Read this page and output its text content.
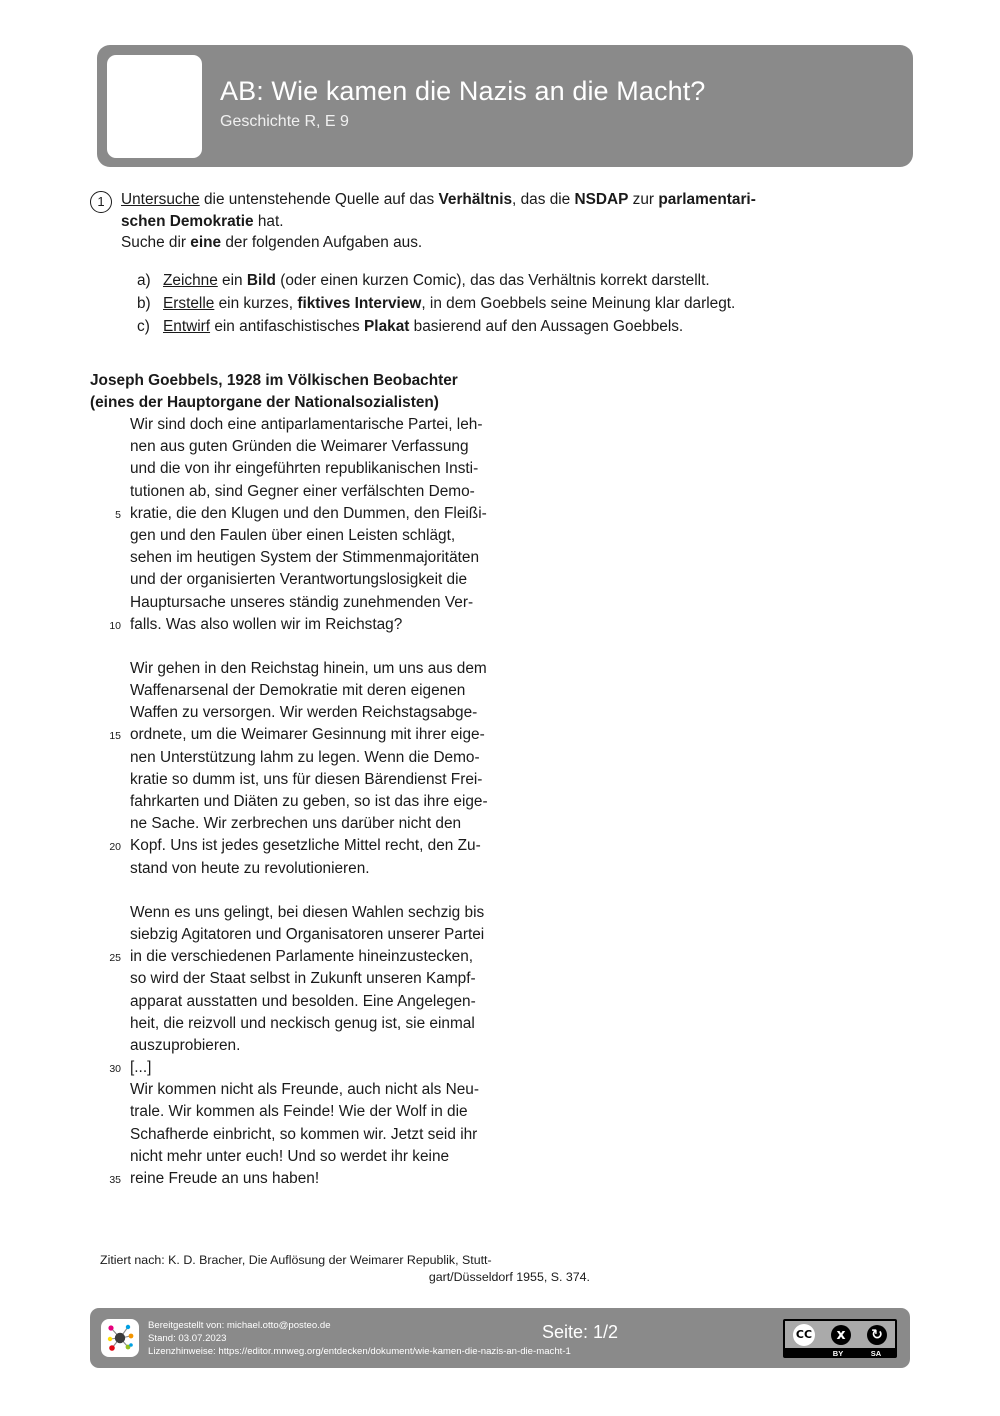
AB: Wie kamen die Nazis an die Macht?
Geschichte R, E 9
1	Untersuche die untenstehende Quelle auf das Verhältnis, das die NSDAP zur parlamentari-

schen Demokratie hat.

Suche dir eine der folgenden Aufgaben aus.

a) Zeichne ein Bild (oder einen kurzen Comic), das das Verhältnis korrekt darstellt.
b) Erstelle ein kurzes, fiktives Interview, in dem Goebbels seine Meinung klar darlegt.
c) Entwirf ein antifaschistisches Plakat basierend auf den Aussagen Goebbels.
Joseph Goebbels, 1928 im Völkischen Beobachter
(eines der Hauptorgane der Nationalsozialisten)
Wir sind doch eine antiparlamentarische Partei, leh-
nen aus guten Gründen die Weimarer Verfassung
und die von ihr eingeführten republikanischen Insti-
tutionen ab, sind Gegner einer verfälschten Demo-
5 kratie, die den Klugen und den Dummen, den Fleißi-
gen und den Faulen über einen Leisten schlägt,
sehen im heutigen System der Stimmenmajoritäten
und der organisierten Verantwortungslosigkeit die
Hauptursache unseres ständig zunehmenden Ver-
10 falls. Was also wollen wir im Reichstag?
Wir gehen in den Reichstag hinein, um uns aus dem
Waffenarsenal der Demokratie mit deren eigenen
Waffen zu versorgen. Wir werden Reichstagsabge-
15 ordnete, um die Weimarer Gesinnung mit ihrer eige-
nen Unterstützung lahm zu legen. Wenn die Demo-
kratie so dumm ist, uns für diesen Bärendienst Frei-
fahrkarten und Diäten zu geben, so ist das ihre eige-
ne Sache. Wir zerbrechen uns darüber nicht den
20 Kopf. Uns ist jedes gesetzliche Mittel recht, den Zu-
stand von heute zu revolutionieren.
Wenn es uns gelingt, bei diesen Wahlen sechzig bis
siebzig Agitatoren und Organisatoren unserer Partei
25 in die verschiedenen Parlamente hineinzustecken,
so wird der Staat selbst in Zukunft unseren Kampf-
apparat ausstatten und besolden. Eine Angelegen-
heit, die reizvoll und neckisch genug ist, sie einmal
auszuprobieren.
30 [...]
Wir kommen nicht als Freunde, auch nicht als Neu-
trale. Wir kommen als Feinde! Wie der Wolf in die
Schafherde einbricht, so kommen wir. Jetzt seid ihr
nicht mehr unter euch! Und so werdet ihr keine
35 reine Freude an uns haben!
Zitiert nach: K. D. Bracher, Die Auflösung der Weimarer Republik, Stutt-
gart/Düsseldorf 1955, S. 374.
Bereitgestellt von: michael.otto@posteo.de
Stand: 03.07.2023
Lizenzhinweise: https://editor.mnweg.org/entdecken/dokument/wie-kamen-die-nazis-an-die-macht-1
Seite: 1/2	CC	x	↻
BY	SA
